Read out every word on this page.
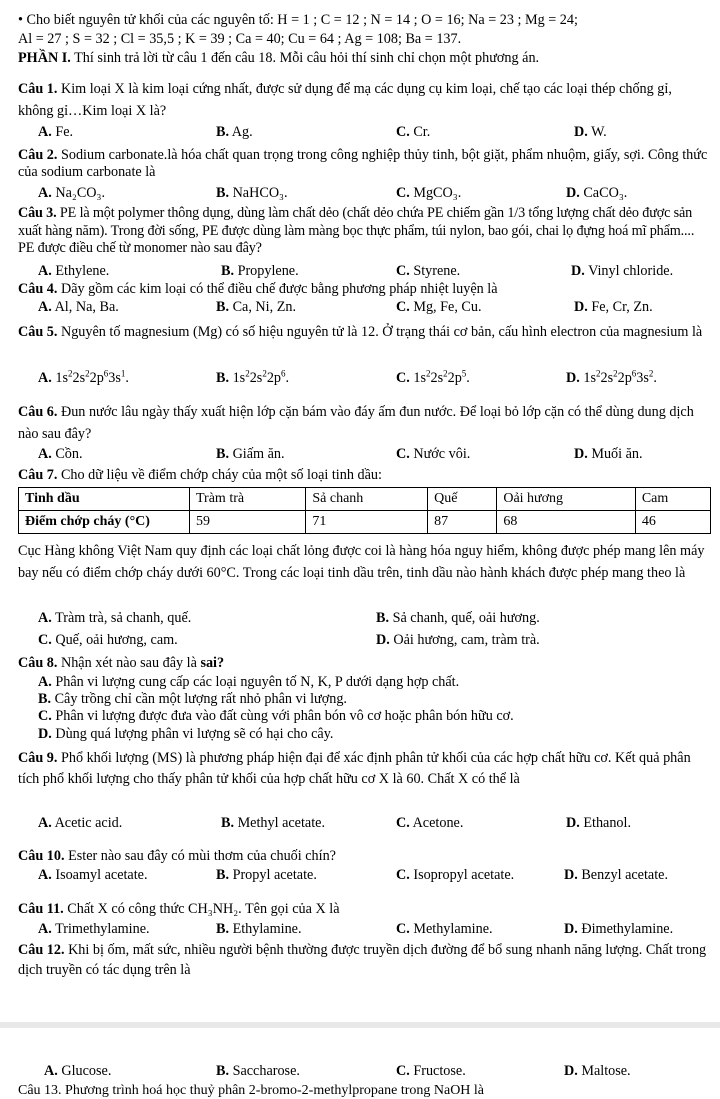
• Cho biết nguyên tử khối của các nguyên tố: H = 1 ; C = 12 ; N = 14 ; O = 16; Na = 23 ; Mg = 24;
Al = 27 ; S = 32 ; Cl = 35,5 ; K = 39 ; Ca = 40; Cu = 64 ; Ag = 108; Ba = 137.
PHẦN I. Thí sinh trả lời từ câu 1 đến câu 18. Mỗi câu hỏi thí sinh chỉ chọn một phương án.
Câu 1. Kim loại X là kim loại cứng nhất, được sử dụng để mạ các dụng cụ kim loại, chế tạo các loại thép chống gỉ, không gỉ…Kim loại X là?
A. Fe.	B. Ag.	C. Cr.	D. W.
Câu 2. Sodium carbonate.là hóa chất quan trọng trong công nghiệp thủy tinh, bột giặt, phẩm nhuộm, giấy, sợi. Công thức của sodium carbonate là
A. Na₂CO₃.	B. NaHCO₃.	C. MgCO₃.	D. CaCO₃.
Câu 3. PE là một polymer thông dụng, dùng làm chất dẻo (chất dẻo chứa PE chiếm gần 1/3 tổng lượng chất dẻo được sản xuất hàng năm). Trong đời sống, PE được dùng làm màng bọc thực phẩm, túi nylon, bao gói, chai lọ đựng hoá mĩ phẩm.... PE được điều chế từ monomer nào sau đây?
A. Ethylene.	B. Propylene.	C. Styrene.	D. Vinyl chloride.
Câu 4. Dãy gồm các kim loại có thể điều chế được bằng phương pháp nhiệt luyện là
A. Al, Na, Ba.	B. Ca, Ni, Zn.	C. Mg, Fe, Cu.	D. Fe, Cr, Zn.
Câu 5. Nguyên tố magnesium (Mg) có số hiệu nguyên tử là 12. Ở trạng thái cơ bản, cấu hình electron của magnesium là
A. $1s^22s^22p^63s^1$.	B. $1s^22s^22p^6$.	C. $1s^22s^22p^5$.	D. $1s^22s^22p^63s^2$.
Câu 6. Đun nước lâu ngày thấy xuất hiện lớp cặn bám vào đáy ấm đun nước. Để loại bỏ lớp cặn có thể dùng dung dịch nào sau đây?
A. Cồn.	B. Giấm ăn.	C. Nước vôi.	D. Muối ăn.
Câu 7. Cho dữ liệu về điểm chớp cháy của một số loại tinh dầu:
Tinh dầu	Tràm trà	Sả chanh	Quế	Oải hương	Cam
Điểm chớp cháy (°C)	59	71	87	68	46
Cục Hàng không Việt Nam quy định các loại chất lỏng được coi là hàng hóa nguy hiểm, không được phép mang lên máy bay nếu có điểm chớp cháy dưới 60°C. Trong các loại tinh dầu trên, tinh dầu nào hành khách được phép mang theo là
A. Tràm trà, sả chanh, quế.	B. Sả chanh, quế, oải hương.
C. Quế, oải hương, cam.	D. Oải hương, cam, tràm trà.
Câu 8. Nhận xét nào sau đây là sai?
A. Phân vi lượng cung cấp các loại nguyên tố N, K, P dưới dạng hợp chất.
B. Cây trồng chỉ cần một lượng rất nhỏ phân vi lượng.
C. Phân vi lượng được đưa vào đất cùng với phân bón vô cơ hoặc phân bón hữu cơ.
D. Dùng quá lượng phân vi lượng sẽ có hại cho cây.
Câu 9. Phổ khối lượng (MS) là phương pháp hiện đại để xác định phân tử khối của các hợp chất hữu cơ. Kết quả phân tích phổ khối lượng cho thấy phân tử khối của hợp chất hữu cơ X là 60. Chất X có thể là
A. Acetic acid.	B. Methyl acetate.	C. Acetone.	D. Ethanol.
Câu 10. Ester nào sau đây có mùi thơm của chuối chín?
A. Isoamyl acetate.	B. Propyl acetate.	C. Isopropyl acetate.	D. Benzyl acetate.
Câu 11. Chất X có công thức CH₃NH₂. Tên gọi của X là
A. Trimethylamine.	B. Ethylamine.	C. Methylamine.	D. Đimethylamine.
Câu 12. Khi bị ốm, mất sức, nhiều người bệnh thường được truyền dịch đường để bổ sung nhanh năng lượng. Chất trong dịch truyền có tác dụng trên là
A. Glucose.	B. Saccharose.	C. Fructose.	D. Maltose.
Câu 13. Phương trình hoá học thuỷ phân 2-bromo-2-methylpropane trong NaOH là
